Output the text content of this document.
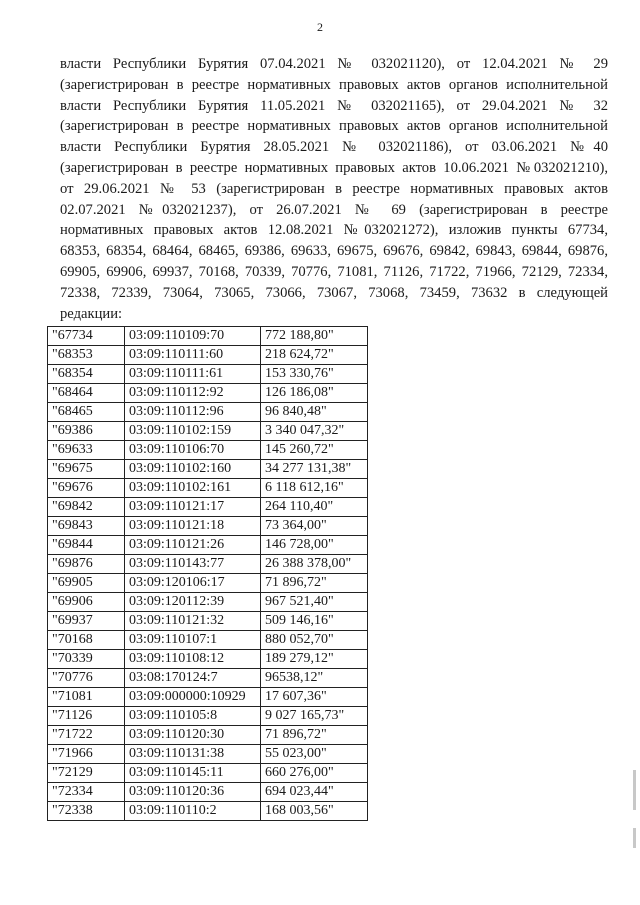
2
власти Республики Бурятия 07.04.2021 № 032021120), от 12.04.2021 № 29
(зарегистрирован в реестре нормативных правовых актов органов исполнительной
власти Республики Бурятия 11.05.2021 № 032021165), от 29.04.2021 № 32
(зарегистрирован в реестре нормативных правовых актов органов исполнительной
власти Республики Бурятия 28.05.2021 № 032021186), от 03.06.2021 №40
(зарегистрирован в реестре нормативных правовых актов 10.06.2021 №032021210),
от 29.06.2021 № 53 (зарегистрирован в реестре нормативных правовых актов
02.07.2021 №032021237), от 26.07.2021 № 69 (зарегистрирован в реестре
нормативных правовых актов 12.08.2021 №032021272), изложив пункты 67734,
68353, 68354, 68464, 68465, 69386, 69633, 69675, 69676, 69842, 69843, 69844, 69876,
69905, 69906, 69937, 70168, 70339, 70776, 71081, 71126, 71722, 71966, 72129, 72334,
72338, 72339, 73064, 73065, 73066, 73067, 73068, 73459, 73632 в следующей
редакции:
"67734	03:09:110109:70	772 188,80"
"68353	03:09:110111:60	218 624,72"
"68354	03:09:110111:61	153 330,76"
"68464	03:09:110112:92	126 186,08"
"68465	03:09:110112:96	96 840,48"
"69386	03:09:110102:159	3 340 047,32"
"69633	03:09:110106:70	145 260,72"
"69675	03:09:110102:160	34 277 131,38"
"69676	03:09:110102:161	6 118 612,16"
"69842	03:09:110121:17	264 110,40"
"69843	03:09:110121:18	73 364,00"
"69844	03:09:110121:26	146 728,00"
"69876	03:09:110143:77	26 388 378,00"
"69905	03:09:120106:17	71 896,72"
"69906	03:09:120112:39	967 521,40"
"69937	03:09:110121:32	509 146,16"
"70168	03:09:110107:1	880 052,70"
"70339	03:09:110108:12	189 279,12"
"70776	03:08:170124:7	96538,12"
"71081	03:09:000000:10929	17 607,36"
"71126	03:09:110105:8	9 027 165,73"
"71722	03:09:110120:30	71 896,72"
"71966	03:09:110131:38	55 023,00"
"72129	03:09:110145:11	660 276,00"
"72334	03:09:110120:36	694 023,44"
"72338	03:09:110110:2	168 003,56"
